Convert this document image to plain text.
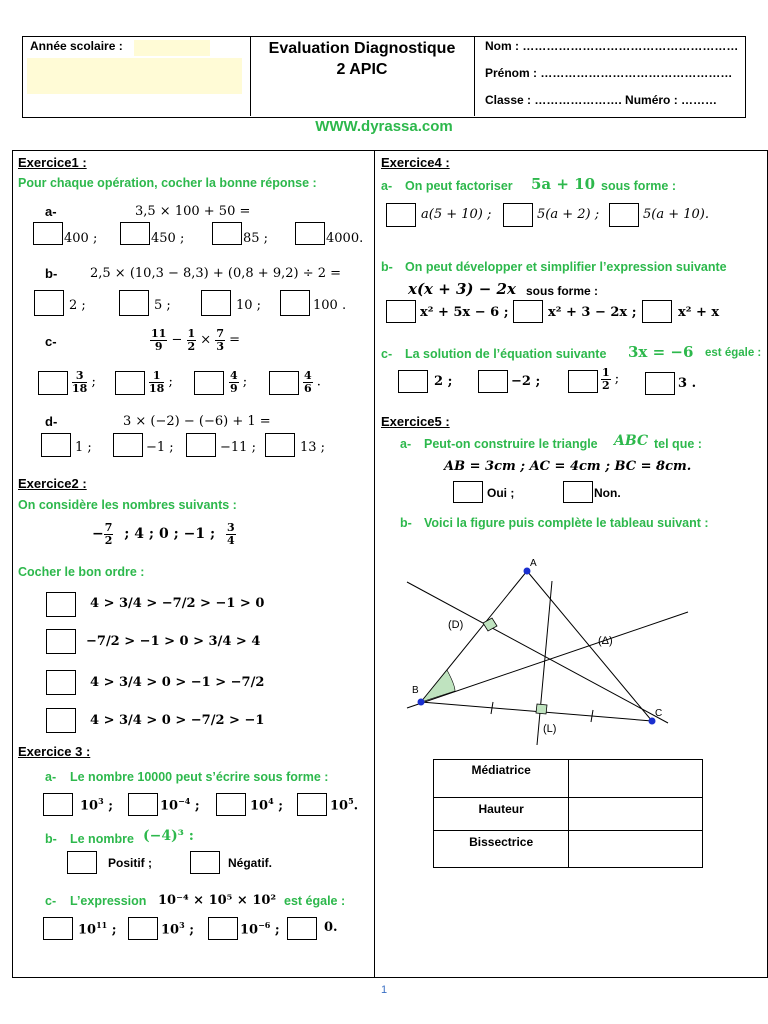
Année scolaire :	Evaluation Diagnostique
2 APIC
Nom : ………………………………………………
Prénom : …………………………………………
Classe : …………………. Numéro : ………
WWW.dyrassa.com
Exercice1 :
Pour chaque opération, cocher la bonne réponse :
a-	3,5 × 100 + 50 =
400 ;	450 ;	85 ;	4000.
b-	2,5 × (10,3 − 8,3) + (0,8 + 9,2) ÷ 2 =
2 ;	5 ;	10 ;	100 .
c-	$\frac{11}{9} - \frac{1}{2} \times \frac{7}{3}$ =
$\frac{3}{18}$ ;	$\frac{1}{18}$ ;	$\frac{4}{9}$ ;	$\frac{4}{6}$ .
d-	3 × (−2) − (−6) + 1 =
1 ;	−1 ;	−11 ;	13 ;
Exercice2 :
On considère les nombres suivants :
− $\frac{7}{2}$ ; 4 ; 0 ; −1 ; $\frac{3}{4}$
Cocher le bon ordre :
4 > 3/4 > −7/2 > −1 > 0
−7/2 > −1 > 0 > 3/4 > 4
4 > 3/4 > 0 > −1 > −7/2
4 > 3/4 > 0 > −7/2 > −1
Exercice 3 :
a- Le nombre 10000 peut s’écrire sous forme :
$10^3$ ;	$10^{-4}$ ;	$10^4$ ;	$10^5$.
b- Le nombre (−4)³ :
Positif ;	Négatif.
c- L’expression 10⁻⁴ × 10⁵ × 10² est égale :
$10^{11}$ ;	$10^3$ ;	$10^{-6}$ ;	0.
Exercice4 :
a- On peut factoriser 5a + 10 sous forme :
a(5 + 10) ;	5(a + 2) ;	5(a + 10).
b- On peut développer et simplifier l’expression suivante
x(x + 3) − 2x sous forme :
x² + 5x − 6 ;	x² + 3 − 2x ;	x² + x
c- La solution de l’équation suivante 3x = −6 est égale :
2 ;	−2 ;	$\frac{1}{2}$ ;	3 .
Exercice5 :
a- Peut-on construire le triangle ABC tel que :
AB = 3cm ; AC = 4cm ; BC = 8cm.
Oui ;	Non.
b- Voici la figure puis complète le tableau suivant :
A
B
C
(D)
(L)
(Δ)
Médiatrice	
Hauteur	
Bissectrice	
1
